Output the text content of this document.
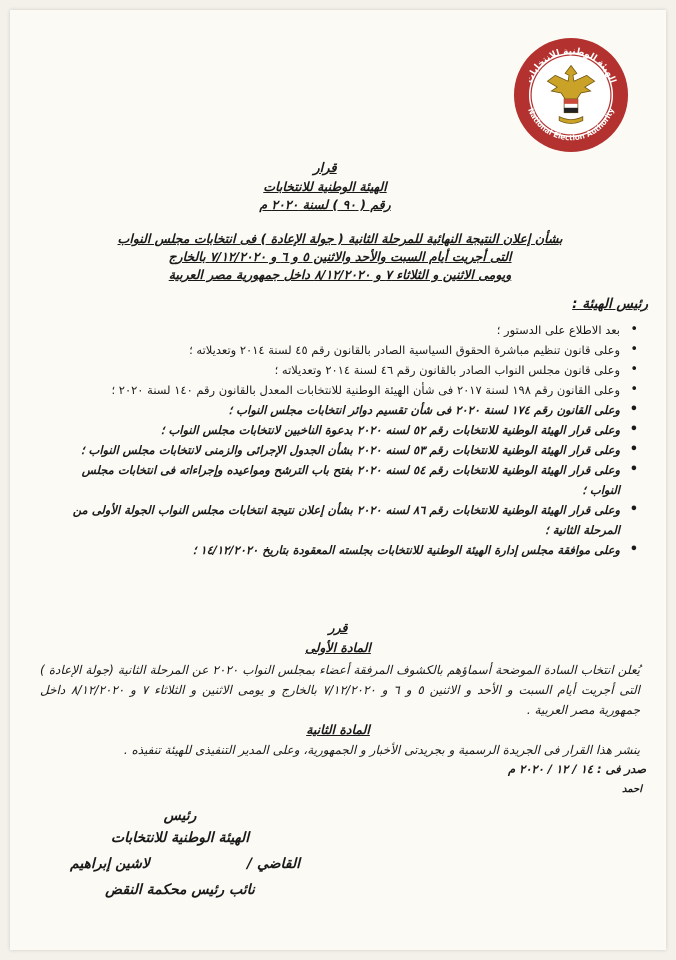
الهيئة الوطنية للانتخابات
National Election Authority

قرار

الهيئة الوطنية للانتخابات

رقم ( ٩٠ ) لسنة ٢٠٢٠ م

بشأن إعلان النتيجة النهائية للمرحلة الثانية ( جولة الإعادة ) فى انتخابات مجلس النواب

التى أجريت أيام السبت والأحد والاثنين ٥ و ٦ و ٧/١٢/٢٠٢٠ بالخارج

ويومى الاثنين و الثلاثاء ٧ و ٨/١٢/٢٠٢٠ داخل جمهورية مصر العربية

رئيس الهيئة :
• بعد الاطلاع على الدستور ؛
• وعلى قانون تنظيم مباشرة الحقوق السياسية الصادر بالقانون رقم ٤٥ لسنة ٢٠١٤ وتعديلاته ؛
• وعلى قانون مجلس النواب الصادر بالقانون رقم ٤٦ لسنة ٢٠١٤ وتعديلاته ؛
• وعلى القانون رقم ١٩٨ لسنة ٢٠١٧ فى شأن الهيئة الوطنية للانتخابات المعدل بالقانون رقم ١٤٠ لسنة ٢٠٢٠ ؛
• وعلى القانون رقم ١٧٤ لسنة ٢٠٢٠ فى شأن تقسيم دوائر انتخابات مجلس النواب ؛
• وعلى قرار الهيئة الوطنية للانتخابات رقم ٥٢ لسنه ٢٠٢٠ بدعوة الناخبين لانتخابات مجلس النواب ؛
• وعلى قرار الهيئة الوطنية للانتخابات رقم ٥٣ لسنه ٢٠٢٠ بشأن الجدول الإجرائى والزمنى لانتخابات مجلس النواب ؛
• وعلى قرار الهيئة الوطنية للانتخابات رقم ٥٤ لسنه ٢٠٢٠ بفتح باب الترشح ومواعيده وإجراءاته فى انتخابات مجلس النواب ؛
• وعلى قرار الهيئة الوطنية للانتخابات رقم ٨٦ لسنه ٢٠٢٠ بشأن إعلان نتيجة انتخابات مجلس النواب الجولة الأولى من المرحلة الثانية ؛
• وعلى موافقة مجلس إدارة الهيئة الوطنية للانتخابات بجلسته المعقودة بتاريخ ١٤/١٢/٢٠٢٠ ؛
قرر
المادة الأولى

يُعلن انتخاب السادة الموضحة أسماؤهم بالكشوف المرفقة أعضاء بمجلس النواب ٢٠٢٠ عن المرحلة الثانية (جولة الإعادة ) التى أجريت أيام السبت و الأحد و الاثنين ٥ و ٦ و ٧/١٢/٢٠٢٠ بالخارج و يومى الاثنين و الثلاثاء ٧ و ٨/١٢/٢٠٢٠ داخل جمهورية مصر العربية .

المادة الثانية

ينشر هذا القرار فى الجريدة الرسمية و بجريدتى الأخبار و الجمهورية، وعلى المدير التنفيذى للهيئة تنفيذه .

صدر فى : ١٤ / ١٢ / ٢٠٢٠ م
احمد
رئيس
الهيئة الوطنية للانتخابات
القاضي /
لاشين إبراهيم
نائب رئيس محكمة النقض
